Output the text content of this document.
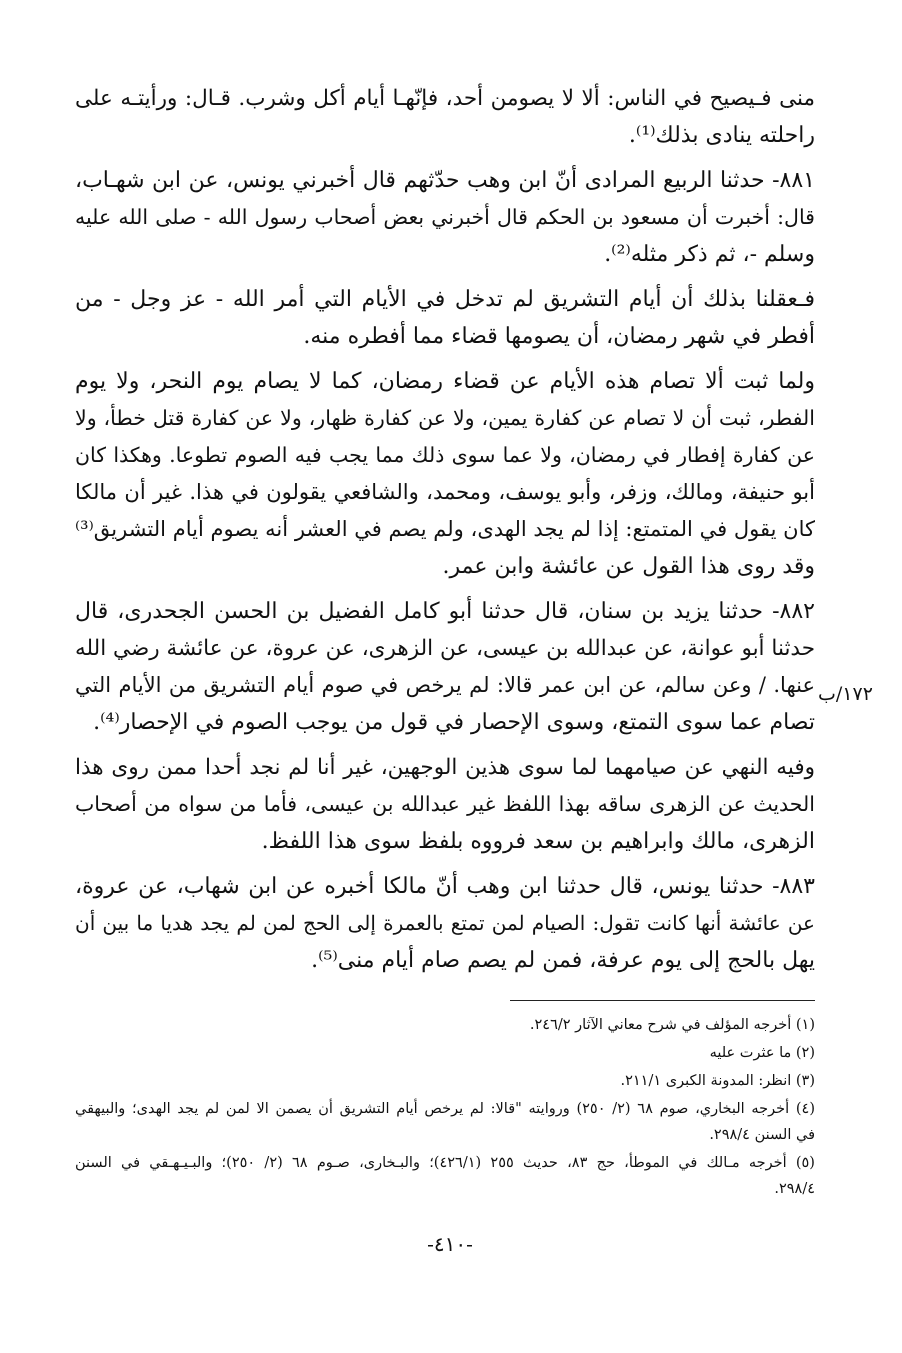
منى فـيصيح في الناس: ألا لا يصومن أحد، فإنّهـا أيام أكل وشرب. قـال: ورأيتـه على
راحلته ينادى بذلك⁽¹⁾.

٨٨١- حدثنا الربيع المرادى أنّ ابن وهب حدّثهم قال أخبرني يونس، عن ابن شهـاب،
قال: أخبرت أن مسعود بن الحكم قال أخبرني بعض أصحاب رسول الله - صلى الله عليه
وسلم -، ثم ذكر مثله⁽²⁾.

فـعقلنا بذلك أن أيام التشريق لم تدخل في الأيام التي أمر الله - عز وجل - من
أفطر في شهر رمضان، أن يصومها قضاء مما أفطره منه.

ولما ثبت ألا تصام هذه الأيام عن قضاء رمضان، كما لا يصام يوم النحر، ولا يوم
الفطر، ثبت أن لا تصام عن كفارة يمين، ولا عن كفارة ظهار، ولا عن كفارة قتل خطأ، ولا
عن كفارة إفطار في رمضان، ولا عما سوى ذلك مما يجب فيه الصوم تطوعا. وهكذا كان
أبو حنيفة، ومالك، وزفر، وأبو يوسف، ومحمد، والشافعي يقولون في هذا. غير أن مالكا
كان يقول في المتمتع: إذا لم يجد الهدى، ولم يصم في العشر أنه يصوم أيام التشريق⁽³⁾
وقد روى هذا القول عن عائشة وابن عمر.

٨٨٢- حدثنا يزيد بن سنان، قال حدثنا أبو كامل الفضيل بن الحسن الجحدرى، قال
حدثنا أبو عوانة، عن عبدالله بن عيسى، عن الزهرى، عن عروة، عن عائشة رضي الله
عنها. / وعن سالم، عن ابن عمر قالا: لم يرخص في صوم أيام التشريق من الأيام التي
تصام عما سوى التمتع، وسوى الإحصار في قول من يوجب الصوم في الإحصار⁽⁴⁾.

وفيه النهي عن صيامهما لما سوى هذين الوجهين، غير أنا لم نجد أحدا ممن روى هذا
الحديث عن الزهرى ساقه بهذا اللفظ غير عبدالله بن عيسى، فأما من سواه من أصحاب
الزهرى، مالك وابراهيم بن سعد فرووه بلفظ سوى هذا اللفظ.

٨٨٣- حدثنا يونس، قال حدثنا ابن وهب أنّ مالكا أخبره عن ابن شهاب، عن عروة،
عن عائشة أنها كانت تقول: الصيام لمن تمتع بالعمرة إلى الحج لمن لم يجد هديا ما بين أن
يهل بالحج إلى يوم عرفة، فمن لم يصم صام أيام منى⁽⁵⁾.

١٧٢/ب
(١) أخرجه المؤلف في شرح معاني الآثار ٢٤٦/٢.
(٢) ما عثرت عليه
(٣) انظر: المدونة الكبرى ٢١١/١.
(٤) أخرجه البخاري، صوم ٦٨ (٢/ ٢٥٠) وروايته "قالا: لم يرخص أيام التشريق أن يصمن الا لمن لم يجد الهدى؛ والبيهقي
في السنن ٢٩٨/٤.
(٥) أخرجه مـالك في الموطأ، حج ٨٣، حديث ٢٥٥ (٤٢٦/١)؛ والبـخارى، صـوم ٦٨ (٢/ ٢٥٠)؛ والبـيـهـقي في السنن
٢٩٨/٤.
-٤١٠-
